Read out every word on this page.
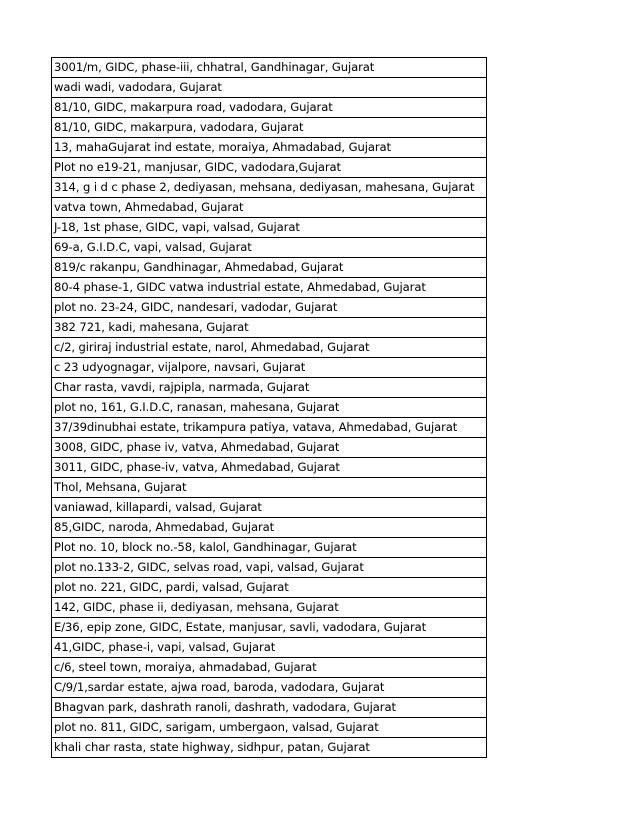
3001/m, GIDC, phase-iii, chhatral, Gandhinagar, Gujarat
wadi wadi, vadodara, Gujarat
81/10, GIDC, makarpura road, vadodara, Gujarat
81/10, GIDC, makarpura, vadodara, Gujarat
13, mahaGujarat ind estate, moraiya, Ahmadabad, Gujarat
Plot no e19-21, manjusar, GIDC, vadodara,Gujarat
314, g i d c phase 2, dediyasan, mehsana, dediyasan, mahesana, Gujarat
vatva town, Ahmedabad, Gujarat
J-18, 1st phase, GIDC, vapi, valsad, Gujarat
69-a, G.I.D.C, vapi, valsad, Gujarat
819/c rakanpu, Gandhinagar, Ahmedabad, Gujarat
80-4 phase-1, GIDC vatwa industrial estate, Ahmedabad, Gujarat
plot no. 23-24, GIDC, nandesari, vadodar, Gujarat
382 721, kadi, mahesana, Gujarat
c/2, giriraj industrial estate, narol, Ahmedabad, Gujarat
c 23 udyognagar, vijalpore, navsari, Gujarat
Char rasta, vavdi, rajpipla, narmada, Gujarat
plot no, 161, G.I.D.C, ranasan, mahesana, Gujarat
37/39dinubhai estate, trikampura patiya, vatava, Ahmedabad, Gujarat
3008, GIDC, phase iv, vatva, Ahmedabad, Gujarat
3011, GIDC, phase-iv, vatva, Ahmedabad, Gujarat
Thol, Mehsana, Gujarat
vaniawad, killapardi, valsad, Gujarat
85,GIDC, naroda, Ahmedabad, Gujarat
Plot no. 10, block no.-58, kalol, Gandhinagar, Gujarat
plot no.133-2, GIDC, selvas road, vapi, valsad, Gujarat
plot no. 221, GIDC, pardi, valsad, Gujarat
142, GIDC, phase ii, dediyasan, mehsana, Gujarat
E/36, epip zone, GIDC, Estate, manjusar, savli, vadodara, Gujarat
41,GIDC, phase-i, vapi, valsad, Gujarat
c/6, steel town, moraiya, ahmadabad, Gujarat
C/9/1,sardar estate, ajwa road, baroda, vadodara, Gujarat
Bhagvan park, dashrath ranoli, dashrath, vadodara, Gujarat
plot no. 811, GIDC, sarigam, umbergaon, valsad, Gujarat
khali char rasta, state highway, sidhpur, patan, Gujarat
